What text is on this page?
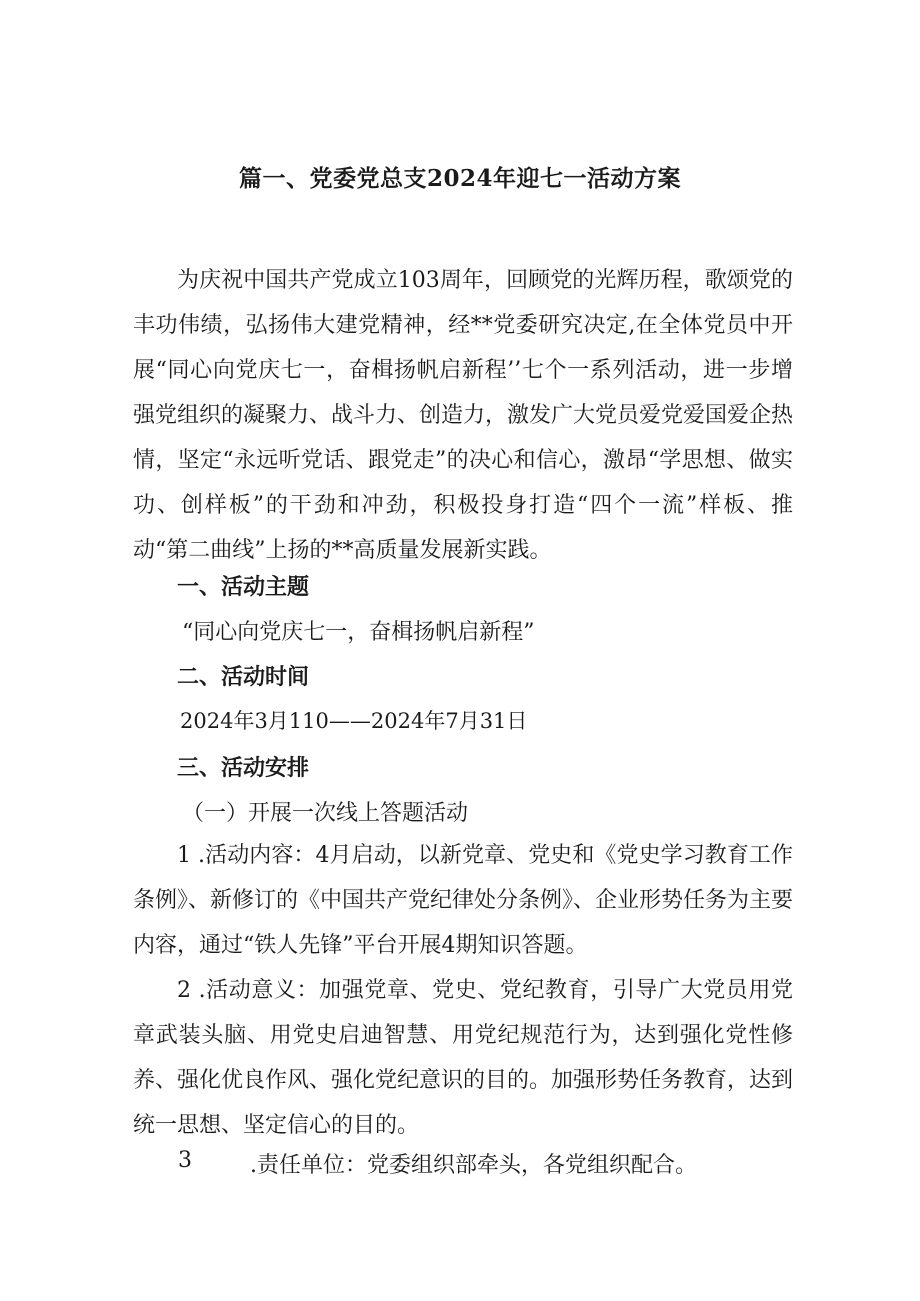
篇一、党委党总支2024年迎七一活动方案

为庆祝中国共产党成立103周年，回顾党的光辉历程，歌颂党的丰功伟绩，弘扬伟大建党精神，经**党委研究决定,在全体党员中开展“同心向党庆七一，奋楫扬帆启新程’’七个一系列活动，进一步增强党组织的凝聚力、战斗力、创造力，激发广大党员爱党爱国爱企热情，坚定“永远听党话、跟党走”的决心和信心，激昂“学思想、做实功、创样板”的干劲和冲劲，积极投身打造“四个一流”样板、推动“第二曲线”上扬的**高质量发展新实践。

一、活动主题
“同心向党庆七一，奋楫扬帆启新程”
二、活动时间
2024年3月110——2024年7月31日
三、活动安排
（一）开展一次线上答题活动

1 .活动内容：4月启动，以新党章、党史和《党史学习教育工作条例》、新修订的《中国共产党纪律处分条例》、企业形势任务为主要内容，通过“铁人先锋”平台开展4期知识答题。

2 .活动意义：加强党章、党史、党纪教育，引导广大党员用党章武装头脑、用党史启迪智慧、用党纪规范行为，达到强化党性修养、强化优良作风、强化党纪意识的目的。加强形势任务教育，达到统一思想、坚定信心的目的。

3	.责任单位：党委组织部牵头，各党组织配合。
